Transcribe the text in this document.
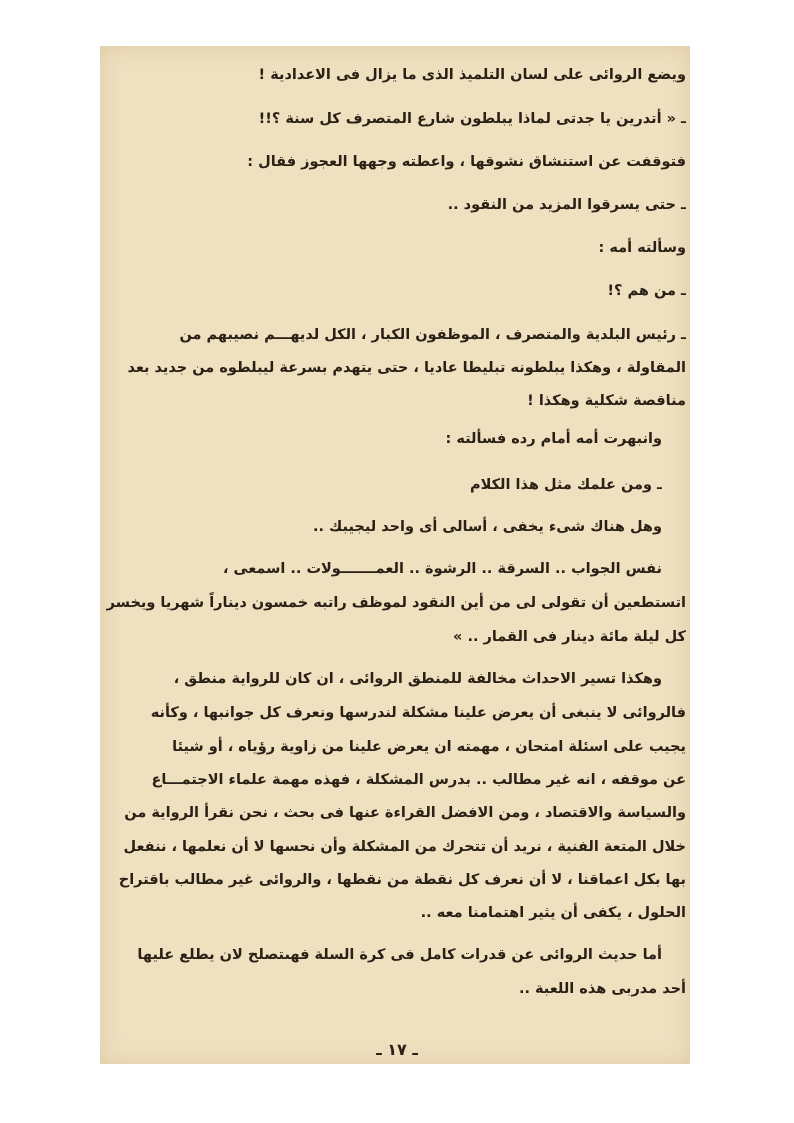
ويضع الروائى على لسان التلميذ الذى ما يزال فى الاعدادية !
ـ « أتدرين يا جدتى لماذا يبلطون شارع المتصرف كل سنة ؟!!
فتوقفت عن استنشاق نشوقها ، واعطته وجهها العجوز فقال :
ـ حتى يسرقوا المزيد من النقود ..
وسألته أمه :
ـ من هم ؟!
ـ رئيس البلدية والمتصرف ، الموظفون الكبار ، الكل لديهـــم نصيبهم من
المقاولة ، وهكذا يبلطونه تبليطا عاديا ، حتى يتهدم بسرعة ليبلطوه من جديد بعد
مناقصة شكلية وهكذا !
وانبهرت أمه أمام رده فسألته :
ـ ومن علمك مثل هذا الكلام
وهل هناك شىء يخفى ، أسالى أى واحد ليجيبك ..
نفس الجواب .. السرقة .. الرشوة .. العمـــــــولات .. اسمعى ،
اتستطعين أن تقولى لى من أين النقود لموظف راتبه خمسون ديناراً شهريا ويخسر
كل ليلة مائة دينار فى القمار .. »
وهكذا تسير الاحداث مخالفة للمنطق الروائى ، ان كان للرواية منطق ،
فالروائى لا ينبغى أن يعرض علينا مشكلة لندرسها ونعرف كل جوانبها ، وكأنه
يجيب على اسئلة امتحان ، مهمته ان يعرض علينا من زاوية رؤياه ، أو شيئا
عن موقفه ، انه غير مطالب .. بدرس المشكلة ، فهذه مهمة علماء الاجتمـــاع
والسياسة والاقتصاد ، ومن الافضل القراءة عنها فى بحث ، نحن نقرأ الرواية من
خلال المتعة الفنية ، نريد أن تتحرك من المشكلة وأن نحسها لا أن نعلمها ، ننفعل
بها بكل اعماقنا ، لا أن نعرف كل نقطة من نقطها ، والروائى غير مطالب باقتراح
الحلول ، يكفى أن يثير اهتمامنا معه ..
أما حديث الروائى عن قدرات كامل فى كرة السلة فهىتصلح لان يطلع عليها
أحد مدربى هذه اللعبة ..
ـ ١٧ ـ
